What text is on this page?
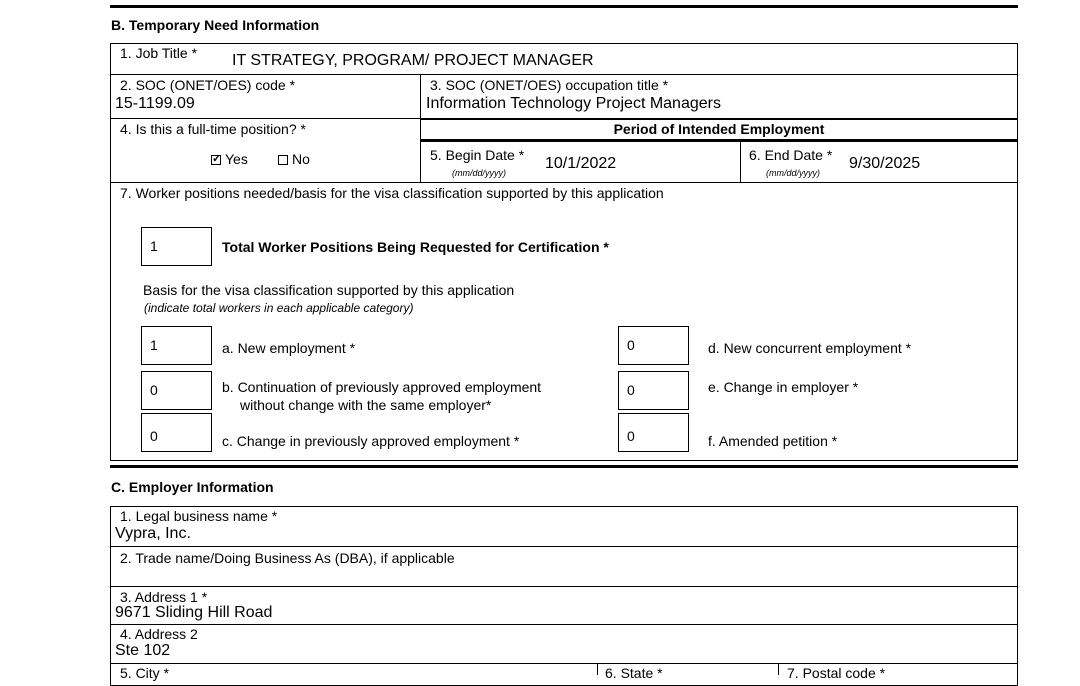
B. Temporary Need Information
1. Job Title * IT STRATEGY, PROGRAM/ PROJECT MANAGER
2. SOC (ONET/OES) code *
15-1199.09
3. SOC (ONET/OES) occupation title *
Information Technology Project Managers
4. Is this a full-time position? *	Period of Intended Employment
✓Yes	No	5. Begin Date *
(mm/dd/yyyy)
10/1/2022	6. End Date *
(mm/dd/yyyy)
9/30/2025
7. Worker positions needed/basis for the visa classification supported by this application
1	Total Worker Positions Being Requested for Certification *
Basis for the visa classification supported by this application
(indicate total workers in each applicable category)
1	a. New employment *	0	d. New concurrent employment *
0	b. Continuation of previously approved employment
without change with the same employer*
0	e. Change in employer *
0	c. Change in previously approved employment *	0	f. Amended petition *
C. Employer Information
1. Legal business name *
Vypra, Inc.
2. Trade name/Doing Business As (DBA), if applicable
3. Address 1 *
9671 Sliding Hill Road
4. Address 2
Ste 102
5. City *	6. State *	7. Postal code *
